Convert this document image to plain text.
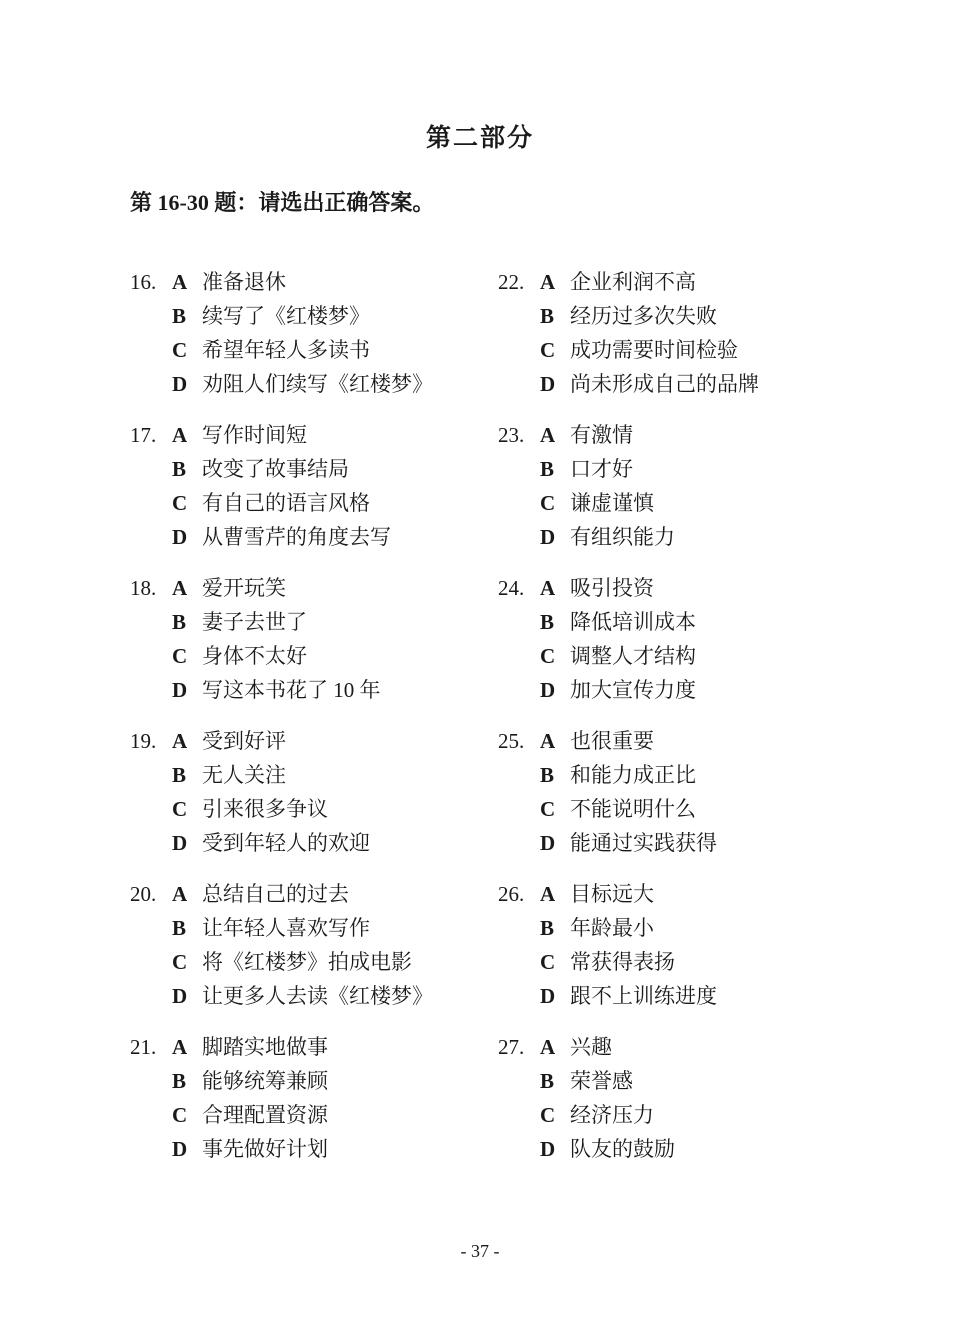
第二部分
第 16-30 题：请选出正确答案。
16. A 准备退休
B 续写了《红楼梦》
C 希望年轻人多读书
D 劝阻人们续写《红楼梦》
17. A 写作时间短
B 改变了故事结局
C 有自己的语言风格
D 从曹雪芹的角度去写
18. A 爱开玩笑
B 妻子去世了
C 身体不太好
D 写这本书花了 10 年
19. A 受到好评
B 无人关注
C 引来很多争议
D 受到年轻人的欢迎
20. A 总结自己的过去
B 让年轻人喜欢写作
C 将《红楼梦》拍成电影
D 让更多人去读《红楼梦》
21. A 脚踏实地做事
B 能够统筹兼顾
C 合理配置资源
D 事先做好计划
22. A 企业利润不高
B 经历过多次失败
C 成功需要时间检验
D 尚未形成自己的品牌
23. A 有激情
B 口才好
C 谦虚谨慎
D 有组织能力
24. A 吸引投资
B 降低培训成本
C 调整人才结构
D 加大宣传力度
25. A 也很重要
B 和能力成正比
C 不能说明什么
D 能通过实践获得
26. A 目标远大
B 年龄最小
C 常获得表扬
D 跟不上训练进度
27. A 兴趣
B 荣誉感
C 经济压力
D 队友的鼓励
- 37 -
